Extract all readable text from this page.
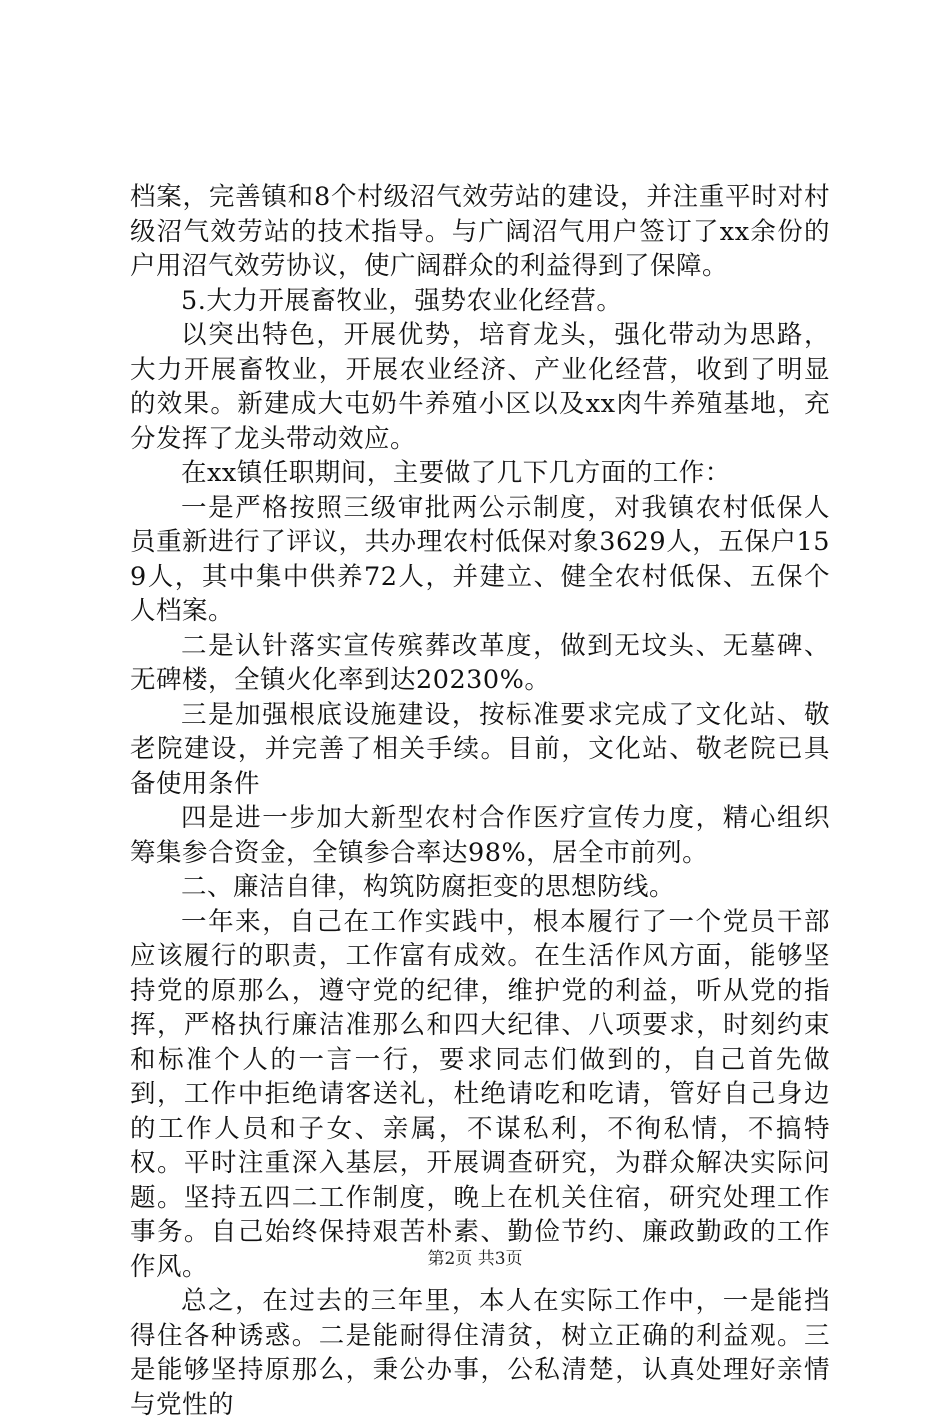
档案，完善镇和8个村级沼气效劳站的建设，并注重平时对村级沼气效劳站的技术指导。与广阔沼气用户签订了xx余份的户用沼气效劳协议，使广阔群众的利益得到了保障。

5.大力开展畜牧业，强势农业化经营。

以突出特色，开展优势，培育龙头，强化带动为思路，大力开展畜牧业，开展农业经济、产业化经营，收到了明显的效果。新建成大屯奶牛养殖小区以及xx肉牛养殖基地，充分发挥了龙头带动效应。

在xx镇任职期间，主要做了几下几方面的工作：

一是严格按照三级审批两公示制度，对我镇农村低保人员重新进行了评议，共办理农村低保对象3629人，五保户159人，其中集中供养72人，并建立、健全农村低保、五保个人档案。

二是认针落实宣传殡葬改革度，做到无坟头、无墓碑、无碑楼，全镇火化率到达20230%。

三是加强根底设施建设，按标准要求完成了文化站、敬老院建设，并完善了相关手续。目前，文化站、敬老院已具备使用条件

四是进一步加大新型农村合作医疗宣传力度，精心组织筹集参合资金，全镇参合率达98%，居全市前列。

二、廉洁自律，构筑防腐拒变的思想防线。

一年来，自己在工作实践中，根本履行了一个党员干部应该履行的职责，工作富有成效。在生活作风方面，能够坚持党的原那么，遵守党的纪律，维护党的利益，听从党的指挥，严格执行廉洁准那么和四大纪律、八项要求，时刻约束和标准个人的一言一行，要求同志们做到的，自己首先做到，工作中拒绝请客送礼，杜绝请吃和吃请，管好自己身边的工作人员和子女、亲属，不谋私利，不徇私情，不搞特权。平时注重深入基层，开展调查研究，为群众解决实际问题。坚持五四二工作制度，晚上在机关住宿，研究处理工作事务。自己始终保持艰苦朴素、勤俭节约、廉政勤政的工作作风。

总之，在过去的三年里，本人在实际工作中，一是能挡得住各种诱惑。二是能耐得住清贫，树立正确的利益观。三是能够坚持原那么，秉公办事，公私清楚，认真处理好亲情与党性的

第2页 共3页
